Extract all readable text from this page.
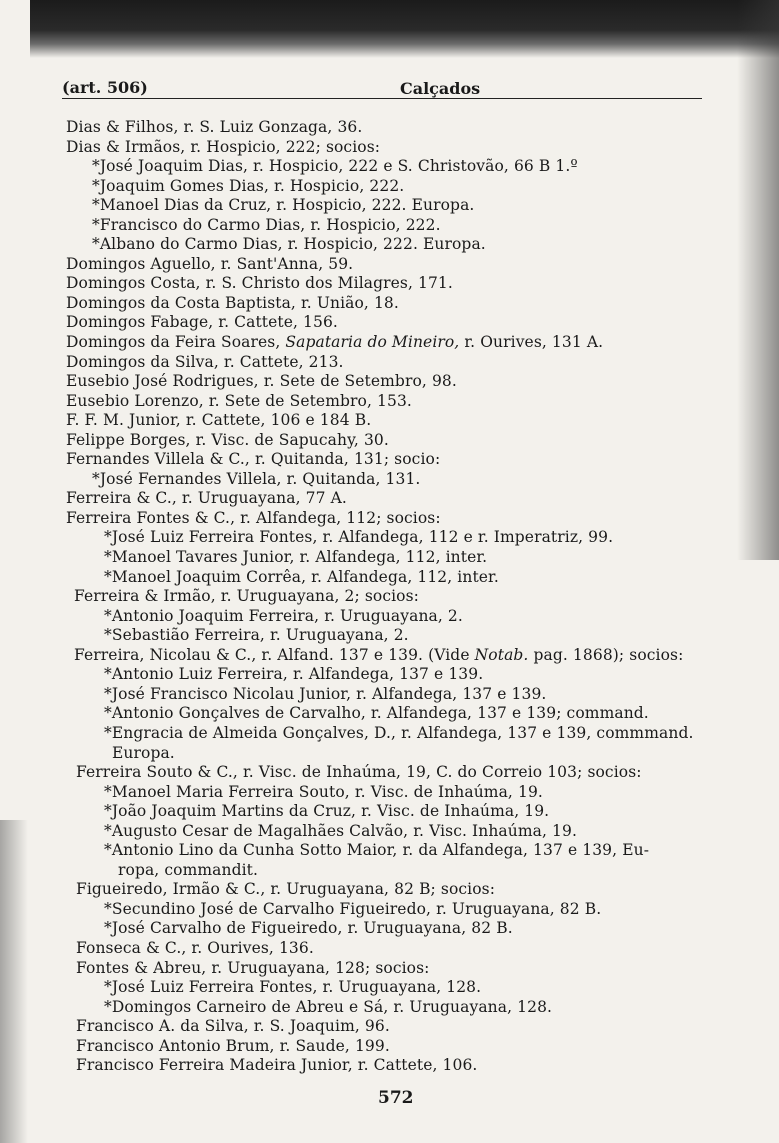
(art. 506)	Calçados
Dias & Filhos, r. S. Luiz Gonzaga, 36.
Dias & Irmãos, r. Hospicio, 222; socios:
*José Joaquim Dias, r. Hospicio, 222 e S. Christovão, 66 B 1.º
*Joaquim Gomes Dias, r. Hospicio, 222.
*Manoel Dias da Cruz, r. Hospicio, 222. Europa.
*Francisco do Carmo Dias, r. Hospicio, 222.
*Albano do Carmo Dias, r. Hospicio, 222. Europa.
Domingos Aguello, r. Sant'Anna, 59.
Domingos Costa, r. S. Christo dos Milagres, 171.
Domingos da Costa Baptista, r. União, 18.
Domingos Fabage, r. Cattete, 156.
Domingos da Feira Soares, Sapataria do Mineiro, r. Ourives, 131 A.
Domingos da Silva, r. Cattete, 213.
Eusebio José Rodrigues, r. Sete de Setembro, 98.
Eusebio Lorenzo, r. Sete de Setembro, 153.
F. F. M. Junior, r. Cattete, 106 e 184 B.
Felippe Borges, r. Visc. de Sapucahy, 30.
Fernandes Villela & C., r. Quitanda, 131; socio:
*José Fernandes Villela, r. Quitanda, 131.
Ferreira & C., r. Uruguayana, 77 A.
Ferreira Fontes & C., r. Alfandega, 112; socios:
*José Luiz Ferreira Fontes, r. Alfandega, 112 e r. Imperatriz, 99.
*Manoel Tavares Junior, r. Alfandega, 112, inter.
*Manoel Joaquim Corrêa, r. Alfandega, 112, inter.
Ferreira & Irmão, r. Uruguayana, 2; socios:
*Antonio Joaquim Ferreira, r. Uruguayana, 2.
*Sebastião Ferreira, r. Uruguayana, 2.
Ferreira, Nicolau & C., r. Alfand. 137 e 139. (Vide Notab. pag. 1868); socios:
*Antonio Luiz Ferreira, r. Alfandega, 137 e 139.
*José Francisco Nicolau Junior, r. Alfandega, 137 e 139.
*Antonio Gonçalves de Carvalho, r. Alfandega, 137 e 139; command.
*Engracia de Almeida Gonçalves, D., r. Alfandega, 137 e 139, commmand.
Europa.
Ferreira Souto & C., r. Visc. de Inhaúma, 19, C. do Correio 103; socios:
*Manoel Maria Ferreira Souto, r. Visc. de Inhaúma, 19.
*João Joaquim Martins da Cruz, r. Visc. de Inhaúma, 19.
*Augusto Cesar de Magalhães Calvão, r. Visc. Inhaúma, 19.
*Antonio Lino da Cunha Sotto Maior, r. da Alfandega, 137 e 139, Eu-
ropa, commandit.
Figueiredo, Irmão & C., r. Uruguayana, 82 B; socios:
*Secundino José de Carvalho Figueiredo, r. Uruguayana, 82 B.
*José Carvalho de Figueiredo, r. Uruguayana, 82 B.
Fonseca & C., r. Ourives, 136.
Fontes & Abreu, r. Uruguayana, 128; socios:
*José Luiz Ferreira Fontes, r. Uruguayana, 128.
*Domingos Carneiro de Abreu e Sá, r. Uruguayana, 128.
Francisco A. da Silva, r. S. Joaquim, 96.
Francisco Antonio Brum, r. Saude, 199.
Francisco Ferreira Madeira Junior, r. Cattete, 106.
572
